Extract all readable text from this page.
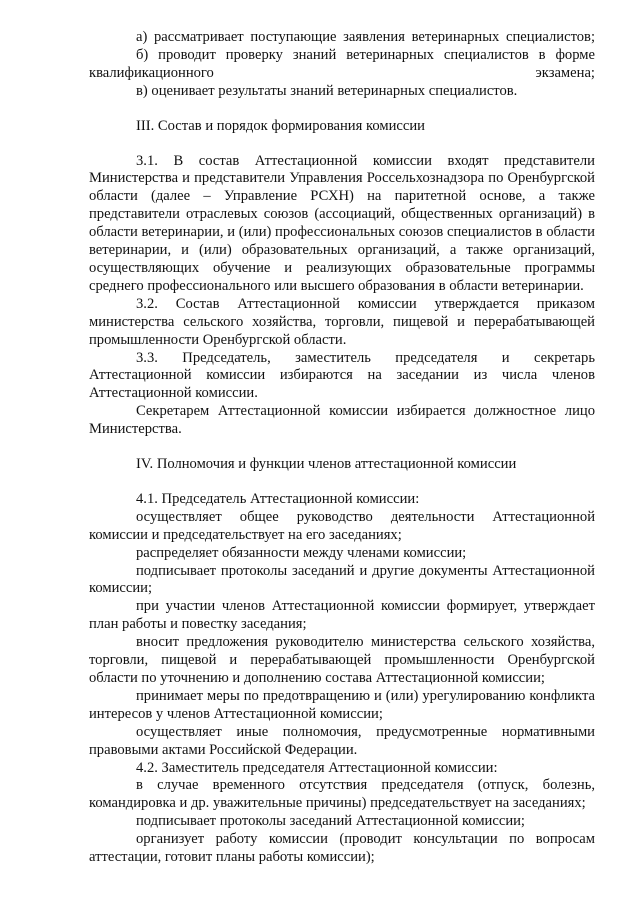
а) рассматривает поступающие заявления ветеринарных специалистов;

б) проводит проверку знаний ветеринарных специалистов в форме квалификационного экзамена;

в) оценивает результаты знаний ветеринарных специалистов.

III. Состав и порядок формирования комиссии

3.1. В состав Аттестационной комиссии входят представители Министерства и представители Управления Россельхознадзора по Оренбургской области (далее – Управление РСХН) на паритетной основе, а также представители отраслевых союзов (ассоциаций, общественных организаций) в области ветеринарии, и (или) профессиональных союзов специалистов в области ветеринарии, и (или) образовательных организаций, а также организаций, осуществляющих обучение и реализующих образовательные программы среднего профессионального или высшего образования в области ветеринарии.

3.2. Состав Аттестационной комиссии утверждается приказом министерства сельского хозяйства, торговли, пищевой и перерабатывающей промышленности Оренбургской области.

3.3. Председатель, заместитель председателя и секретарь Аттестационной комиссии избираются на заседании из числа членов Аттестационной комиссии.

Секретарем Аттестационной комиссии избирается должностное лицо Министерства.

IV. Полномочия и функции членов аттестационной комиссии

4.1. Председатель Аттестационной комиссии:

осуществляет общее руководство деятельности Аттестационной комиссии и председательствует на его заседаниях;

распределяет обязанности между членами комиссии;

подписывает протоколы заседаний и другие документы Аттестационной комиссии;

при участии членов Аттестационной комиссии формирует, утверждает план работы и повестку заседания;

вносит предложения руководителю министерства сельского хозяйства, торговли, пищевой и перерабатывающей промышленности Оренбургской области по уточнению и дополнению состава Аттестационной комиссии;

принимает меры по предотвращению и (или) урегулированию конфликта интересов у членов Аттестационной комиссии;

осуществляет иные полномочия, предусмотренные нормативными правовыми актами Российской Федерации.

4.2. Заместитель председателя Аттестационной комиссии:

в случае временного отсутствия председателя (отпуск, болезнь, командировка и др. уважительные причины) председательствует на заседаниях;

подписывает протоколы заседаний Аттестационной комиссии;

организует работу комиссии (проводит консультации по вопросам аттестации, готовит планы работы комиссии);
